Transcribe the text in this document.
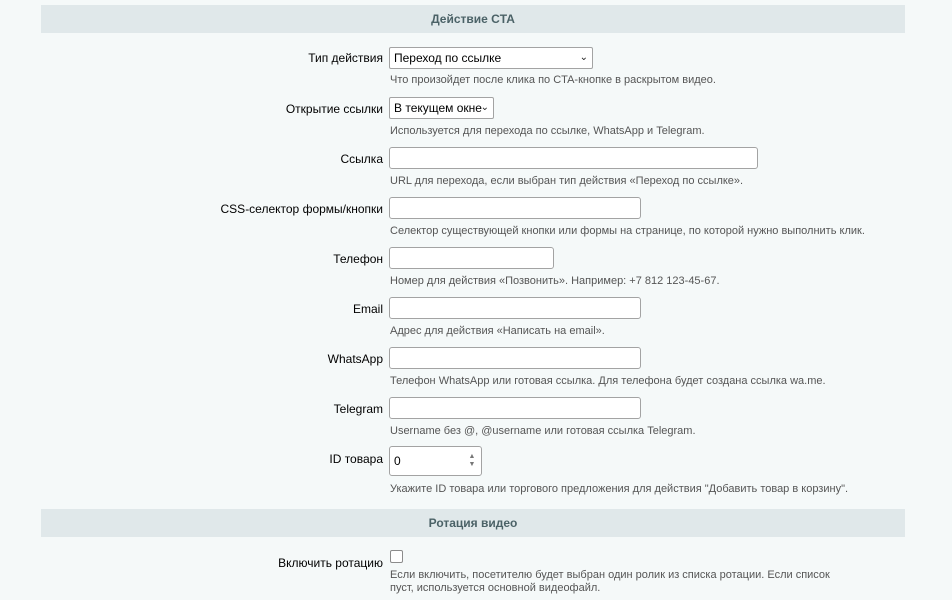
Действие CTA
Тип действия Переход по ссылке	⌄
Что произойдет после клика по CTA-кнопке в раскрытом видео.
Открытие ссылки В текущем окне
⌄
Используется для перехода по ссылке, WhatsApp и Telegram.
Ссылка
URL для перехода, если выбран тип действия «Переход по ссылке».
CSS-селектор формы/кнопки
Селектор существующей кнопки или формы на странице, по которой нужно выполнить клик.
Телефон
Номер для действия «Позвонить». Например: +7 812 123-45-67.
Email
Адрес для действия «Написать на email».
WhatsApp
Телефон WhatsApp или готовая ссылка. Для телефона будет создана ссылка wa.me.
Telegram
Username без @, @username или готовая ссылка Telegram.
ID товара 0	▲
▼
Укажите ID товара или торгового предложения для действия "Добавить товар в корзину".
Ротация видео
Включить ротацию
Если включить, посетителю будет выбран один ролик из списка ротации. Если список пуст, используется основной видеофайл.
